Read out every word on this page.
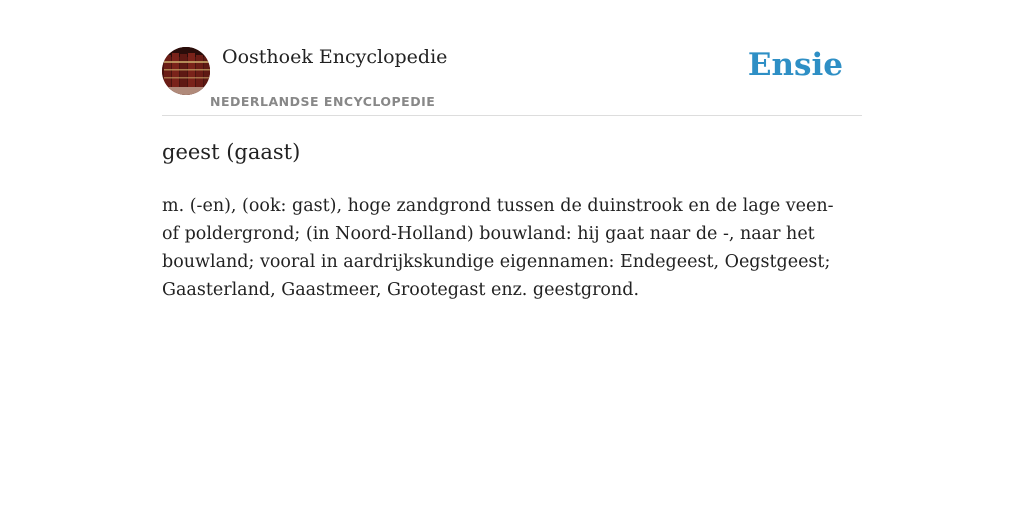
Oosthoek Encyclopedie
NEDERLANDSE ENCYCLOPEDIE
Ensie
geest (gaast)

m. (-en), (ook: gast), hoge zandgrond tussen de duinstrook en de lage veen- of poldergrond; (in Noord-Holland) bouwland: hij gaat naar de -, naar het bouwland; vooral in aardrijkskundige eigennamen: Endegeest, Oegstgeest; Gaasterland, Gaastmeer, Grootegast enz. geestgrond.
